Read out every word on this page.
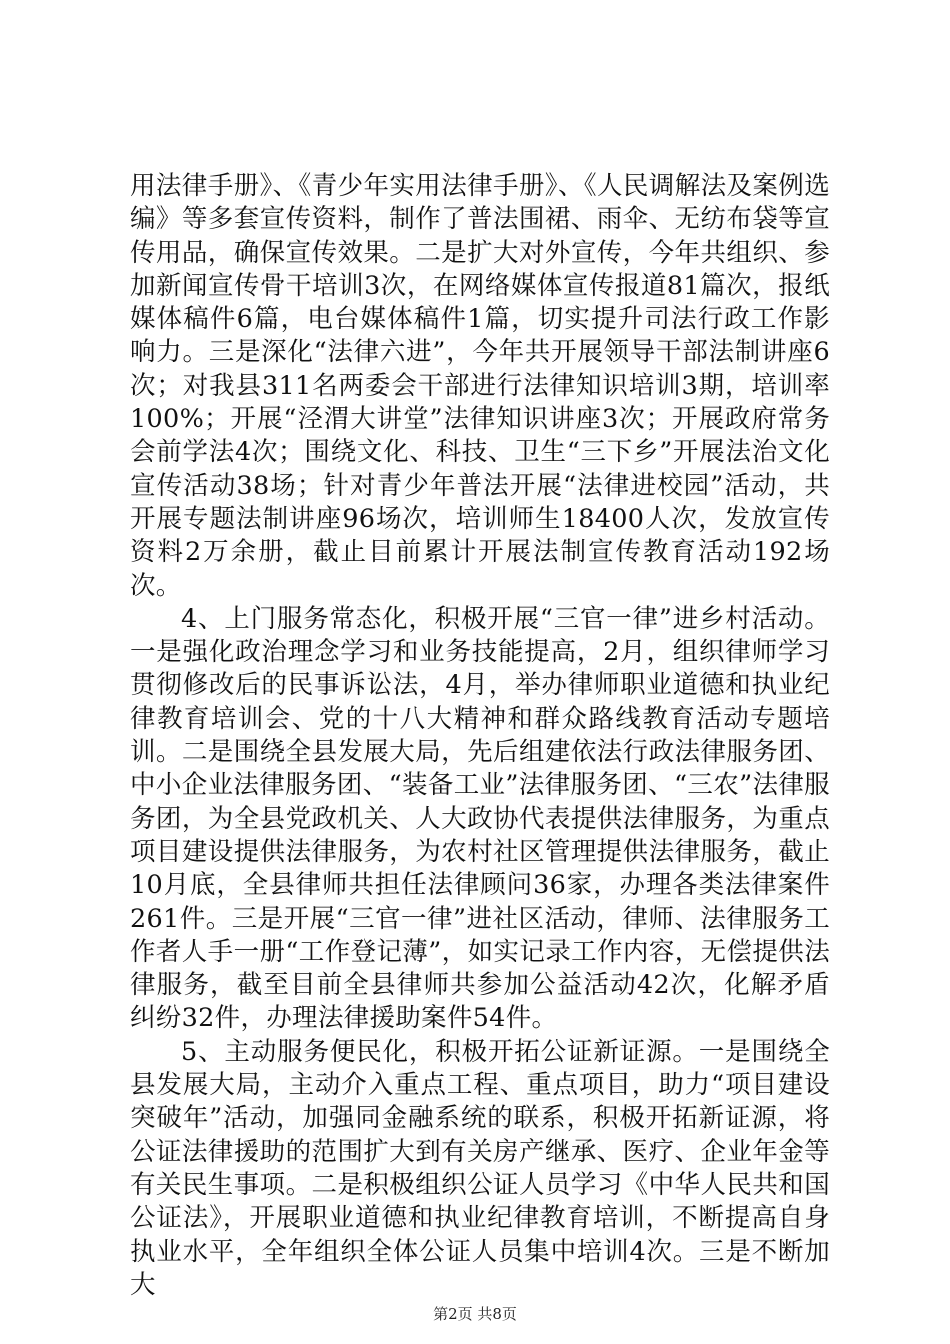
用法律手册》、《青少年实用法律手册》、《人民调解法及案例选编》等多套宣传资料，制作了普法围裙、雨伞、无纺布袋等宣传用品，确保宣传效果。二是扩大对外宣传，今年共组织、参加新闻宣传骨干培训3次，在网络媒体宣传报道81篇次，报纸媒体稿件6篇，电台媒体稿件1篇，切实提升司法行政工作影响力。三是深化“法律六进”，今年共开展领导干部法制讲座6次；对我县311名两委会干部进行法律知识培训3期，培训率100%；开展“泾渭大讲堂”法律知识讲座3次；开展政府常务会前学法4次；围绕文化、科技、卫生“三下乡”开展法治文化宣传活动38场；针对青少年普法开展“法律进校园”活动，共开展专题法制讲座96场次，培训师生18400人次，发放宣传资料2万余册，截止目前累计开展法制宣传教育活动192场次。

4、上门服务常态化，积极开展“三官一律”进乡村活动。一是强化政治理念学习和业务技能提高，2月，组织律师学习贯彻修改后的民事诉讼法，4月，举办律师职业道德和执业纪律教育培训会、党的十八大精神和群众路线教育活动专题培训。二是围绕全县发展大局，先后组建依法行政法律服务团、中小企业法律服务团、“装备工业”法律服务团、“三农”法律服务团，为全县党政机关、人大政协代表提供法律服务，为重点项目建设提供法律服务，为农村社区管理提供法律服务，截止10月底，全县律师共担任法律顾问36家，办理各类法律案件261件。三是开展“三官一律”进社区活动，律师、法律服务工作者人手一册“工作登记薄”，如实记录工作内容，无偿提供法律服务，截至目前全县律师共参加公益活动42次，化解矛盾纠纷32件，办理法律援助案件54件。

5、主动服务便民化，积极开拓公证新证源。一是围绕全县发展大局，主动介入重点工程、重点项目，助力“项目建设突破年”活动，加强同金融系统的联系，积极开拓新证源，将公证法律援助的范围扩大到有关房产继承、医疗、企业年金等有关民生事项。二是积极组织公证人员学习《中华人民共和国公证法》，开展职业道德和执业纪律教育培训，不断提高自身执业水平，全年组织全体公证人员集中培训4次。三是不断加大

第2页 共8页
